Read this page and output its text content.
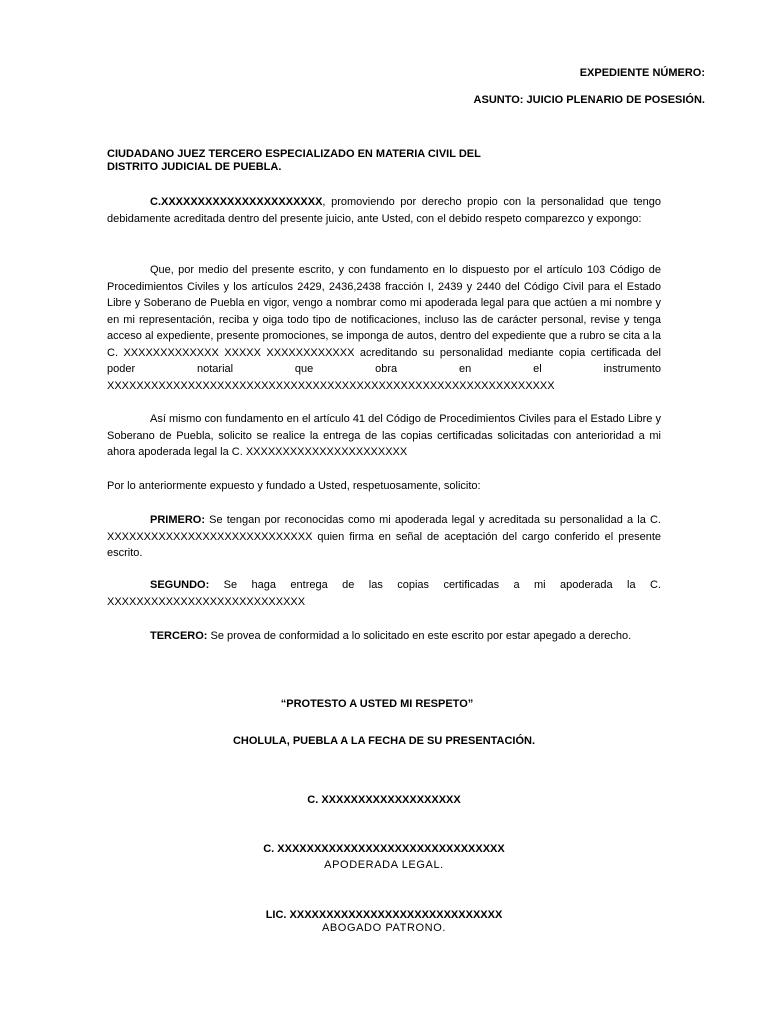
EXPEDIENTE NÚMERO:

ASUNTO: JUICIO PLENARIO DE POSESIÓN.

CIUDADANO JUEZ TERCERO ESPECIALIZADO EN MATERIA CIVIL DEL
DISTRITO JUDICIAL DE PUEBLA.

C.XXXXXXXXXXXXXXXXXXXXXX, promoviendo por derecho propio con la personalidad que tengo debidamente acreditada dentro del presente juicio, ante Usted, con el debido respeto comparezco y expongo:

Que, por medio del presente escrito, y con fundamento en lo dispuesto por el artículo 103 Código de Procedimientos Civiles y los artículos 2429, 2436,2438 fracción I, 2439 y 2440 del Código Civil para el Estado Libre y Soberano de Puebla en vigor, vengo a nombrar como mi apoderada legal para que actúen a mi nombre y en mi representación, reciba y oiga todo tipo de notificaciones, incluso las de carácter personal, revise y tenga acceso al expediente, presente promociones, se imponga de autos, dentro del expediente que a rubro se cita a la C. XXXXXXXXXXXXX XXXXX XXXXXXXXXXXX acreditando su personalidad mediante copia certificada del poder notarial que obra en el instrumento XXXXXXXXXXXXXXXXXXXXXXXXXXXXXXXXXXXXXXXXXXXXXXXXXXXXXXXXXXXXX

Así mismo con fundamento en el artículo 41 del Código de Procedimientos Civiles para el Estado Libre y Soberano de Puebla, solicito se realice la entrega de las copias certificadas solicitadas con anterioridad a mi ahora apoderada legal la C. XXXXXXXXXXXXXXXXXXXXXX

Por lo anteriormente expuesto y fundado a Usted, respetuosamente, solicito:

PRIMERO: Se tengan por reconocidas como mi apoderada legal y acreditada su personalidad a la C. XXXXXXXXXXXXXXXXXXXXXXXXXXXX quien firma en señal de aceptación del cargo conferido el presente escrito.

SEGUNDO: Se haga entrega de las copias certificadas a mi apoderada la C. XXXXXXXXXXXXXXXXXXXXXXXXXXX

TERCERO: Se provea de conformidad a lo solicitado en este escrito por estar apegado a derecho.

“PROTESTO A USTED MI RESPETO”

CHOLULA, PUEBLA A LA FECHA DE SU PRESENTACIÓN.

C. XXXXXXXXXXXXXXXXXXX

C. XXXXXXXXXXXXXXXXXXXXXXXXXXXXXXX

APODERADA LEGAL.

LIC. XXXXXXXXXXXXXXXXXXXXXXXXXXXXX

ABOGADO PATRONO.
